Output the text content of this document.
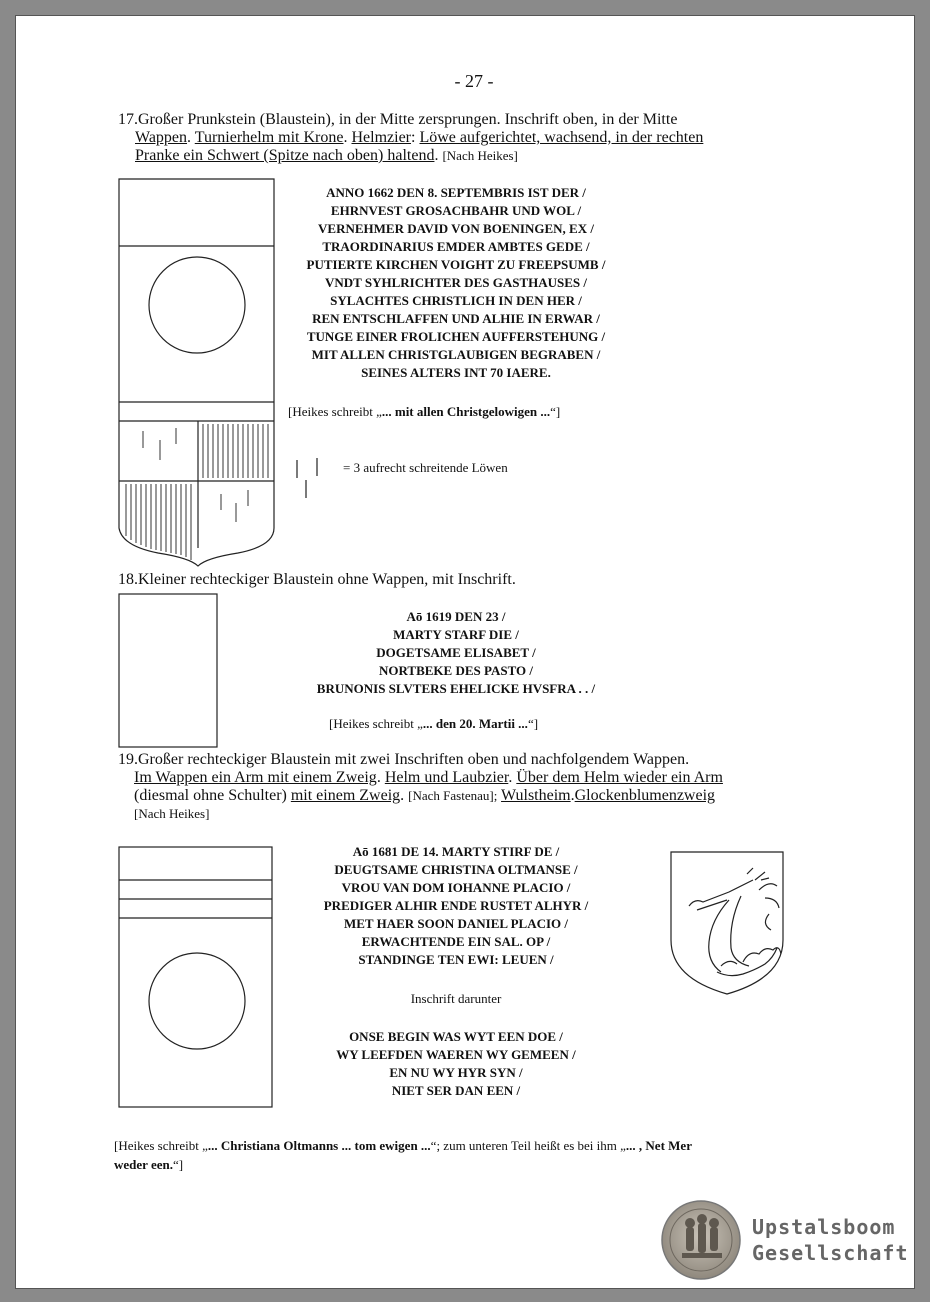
- 27 -
17.Großer Prunkstein (Blaustein), in der Mitte zersprungen. Inschrift oben, in der Mitte
Wappen. Turnierhelm mit Krone. Helmzier: Löwe aufgerichtet, wachsend, in der rechten
Pranke ein Schwert (Spitze nach oben) haltend. [Nach Heikes]
ANNO 1662 DEN 8. SEPTEMBRIS IST DER /
EHRNVEST GROSACHBAHR UND WOL /
VERNEHMER DAVID VON BOENINGEN, EX /
TRAORDINARIUS EMDER AMBTES GEDE /
PUTIERTE KIRCHEN VOIGHT ZU FREEPSUMB /
VNDT SYHLRICHTER DES GASTHAUSES /
SYLACHTES CHRISTLICH IN DEN HER /
REN ENTSCHLAFFEN UND ALHIE IN ERWAR /
TUNGE EINER FROLICHEN AUFFERSTEHUNG /
MIT ALLEN CHRISTGLAUBIGEN BEGRABEN /
SEINES ALTERS INT 70 IAERE.
[Heikes schreibt „... mit allen Christgelowigen ...“]
= 3 aufrecht schreitende Löwen
18.Kleiner rechteckiger Blaustein ohne Wappen, mit Inschrift.
Aō 1619 DEN 23 /
MARTY STARF DIE /
DOGETSAME ELISABET /
NORTBEKE DES PASTO /
BRUNONIS SLVTERS EHELICKE HVSFRA . . /
[Heikes schreibt „... den 20. Martii ...“]
19.Großer rechteckiger Blaustein mit zwei Inschriften oben und nachfolgendem Wappen.
Im Wappen ein Arm mit einem Zweig. Helm und Laubzier. Über dem Helm wieder ein Arm
(diesmal ohne Schulter) mit einem Zweig. [Nach Fastenau]; Wulstheim.Glockenblumenzweig
[Nach Heikes]
Aō 1681 DE 14. MARTY STIRF DE /
DEUGTSAME CHRISTINA OLTMANSE /
VROU VAN DOM IOHANNE PLACIO /
PREDIGER ALHIR ENDE RUSTET ALHYR /
MET HAER SOON DANIEL PLACIO /
ERWACHTENDE EIN SAL. OP /
STANDINGE TEN EWI: LEUEN /
Inschrift darunter
ONSE BEGIN WAS WYT EEN DOE /
WY LEEFDEN WAEREN WY GEMEEN /
EN NU WY HYR SYN /
NIET SER DAN EEN /
[Heikes schreibt „... Christiana Oltmanns ... tom ewigen ...“; zum unteren Teil heißt es bei ihm „... , Net Mer
weder een.“]
Upstalsboom
Gesellschaft
